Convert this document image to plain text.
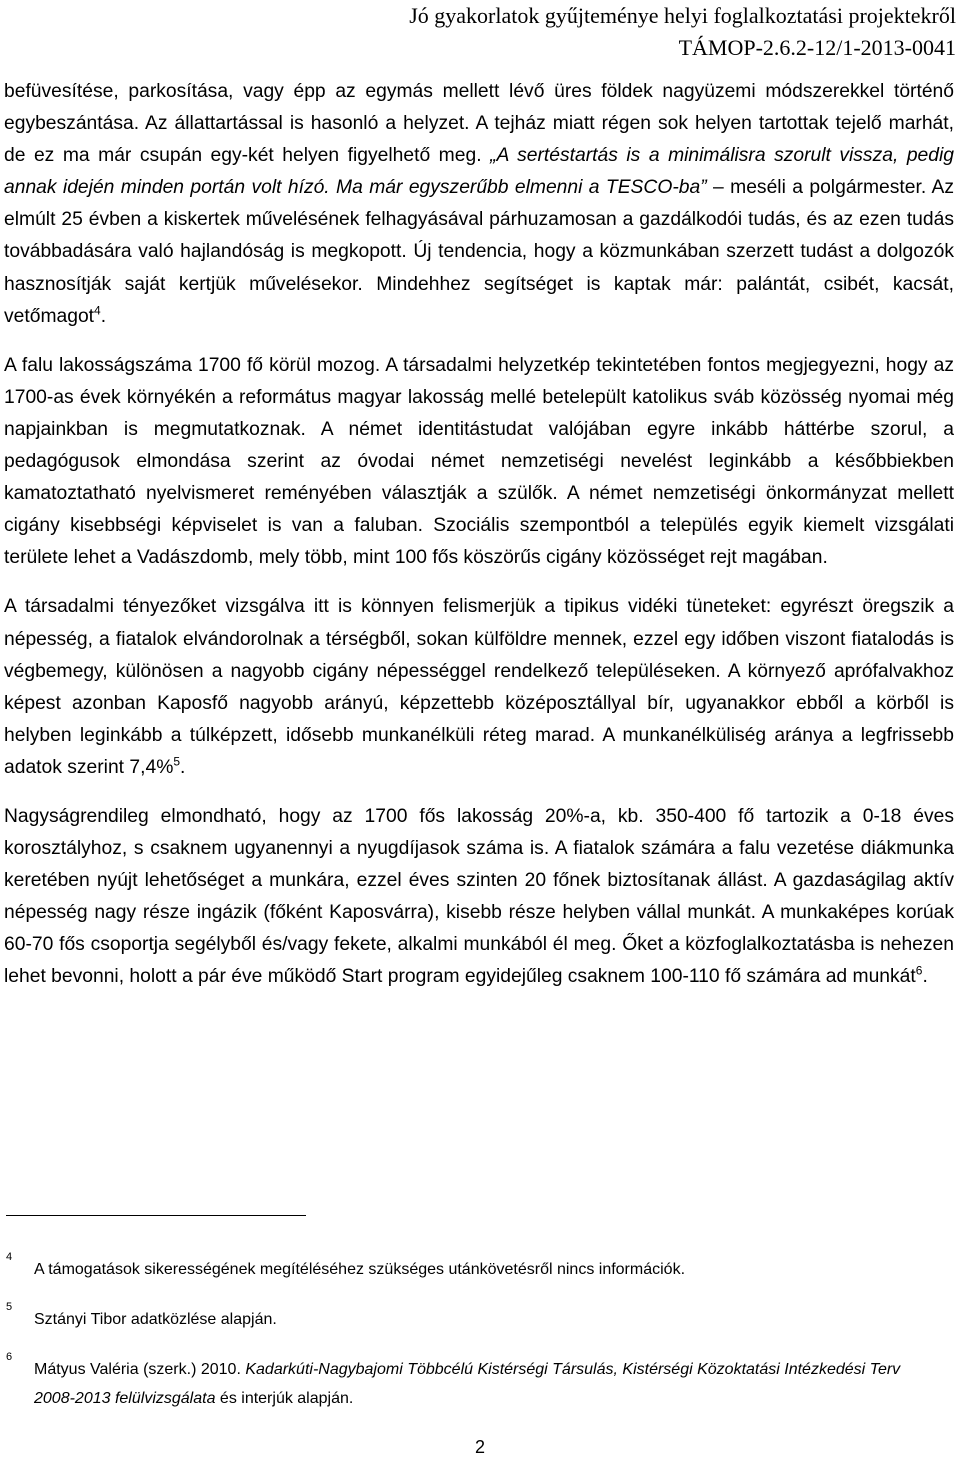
Jó gyakorlatok gyűjteménye helyi foglalkoztatási projektekről
TÁMOP-2.6.2-12/1-2013-0041

befüvesítése, parkosítása, vagy épp az egymás mellett lévő üres földek nagyüzemi módszerekkel történő egybeszántása. Az állattartással is hasonló a helyzet. A tejház miatt régen sok helyen tartottak tejelő marhát, de ez ma már csupán egy-két helyen figyelhető meg. „A sertéstartás is a minimálisra szorult vissza, pedig annak idején minden portán volt hízó. Ma már egyszerűbb elmenni a TESCO-ba” – meséli a polgármester. Az elmúlt 25 évben a kiskertek művelésének felhagyásával párhuzamosan a gazdálkodói tudás, és az ezen tudás továbbadására való hajlandóság is megkopott. Új tendencia, hogy a közmunkában szerzett tudást a dolgozók hasznosítják saját kertjük művelésekor. Mindehhez segítséget is kaptak már: palántát, csibét, kacsát, vetőmagot$^4$.

A falu lakosságszáma 1700 fő körül mozog. A társadalmi helyzetkép tekintetében fontos megjegyezni, hogy az 1700-as évek környékén a református magyar lakosság mellé betelepült katolikus sváb közösség nyomai még napjainkban is megmutatkoznak. A német identitástudat valójában egyre inkább háttérbe szorul, a pedagógusok elmondása szerint az óvodai német nemzetiségi nevelést leginkább a későbbiekben kamatoztatható nyelvismeret reményében választják a szülők. A német nemzetiségi önkormányzat mellett cigány kisebbségi képviselet is van a faluban. Szociális szempontból a település egyik kiemelt vizsgálati területe lehet a Vadászdomb, mely több, mint 100 fős köszörűs cigány közösséget rejt magában.

A társadalmi tényezőket vizsgálva itt is könnyen felismerjük a tipikus vidéki tüneteket: egyrészt öregszik a népesség, a fiatalok elvándorolnak a térségből, sokan külföldre mennek, ezzel egy időben viszont fiatalodás is végbemegy, különösen a nagyobb cigány népességgel rendelkező településeken. A környező aprófalvakhoz képest azonban Kaposfő nagyobb arányú, képzettebb középosztállyal bír, ugyanakkor ebből a körből is helyben leginkább a túlképzett, idősebb munkanélküli réteg marad. A munkanélküliség aránya a legfrissebb adatok szerint 7,4%$^5$.

Nagyságrendileg elmondható, hogy az 1700 fős lakosság 20%-a, kb. 350-400 fő tartozik a 0-18 éves korosztályhoz, s csaknem ugyanennyi a nyugdíjasok száma is. A fiatalok számára a falu vezetése diákmunka keretében nyújt lehetőséget a munkára, ezzel éves szinten 20 főnek biztosítanak állást. A gazdaságilag aktív népesség nagy része ingázik (főként Kaposvárra), kisebb része helyben vállal munkát. A munkaképes korúak 60-70 fős csoportja segélyből és/vagy fekete, alkalmi munkából él meg. Őket a közfoglalkoztatásba is nehezen lehet bevonni, holott a pár éve működő Start program egyidejűleg csaknem 100-110 fő számára ad munkát$^6$.

4
A támogatások sikerességének megítéléséhez szükséges utánkövetésről nincs információk.
5
Sztányi Tibor adatközlése alapján.
6
Mátyus Valéria (szerk.) 2010. Kadarkúti-Nagybajomi Többcélú Kistérségi Társulás, Kistérségi Közoktatási Intézkedési Terv 2008-2013 felülvizsgálata és interjúk alapján.
2
